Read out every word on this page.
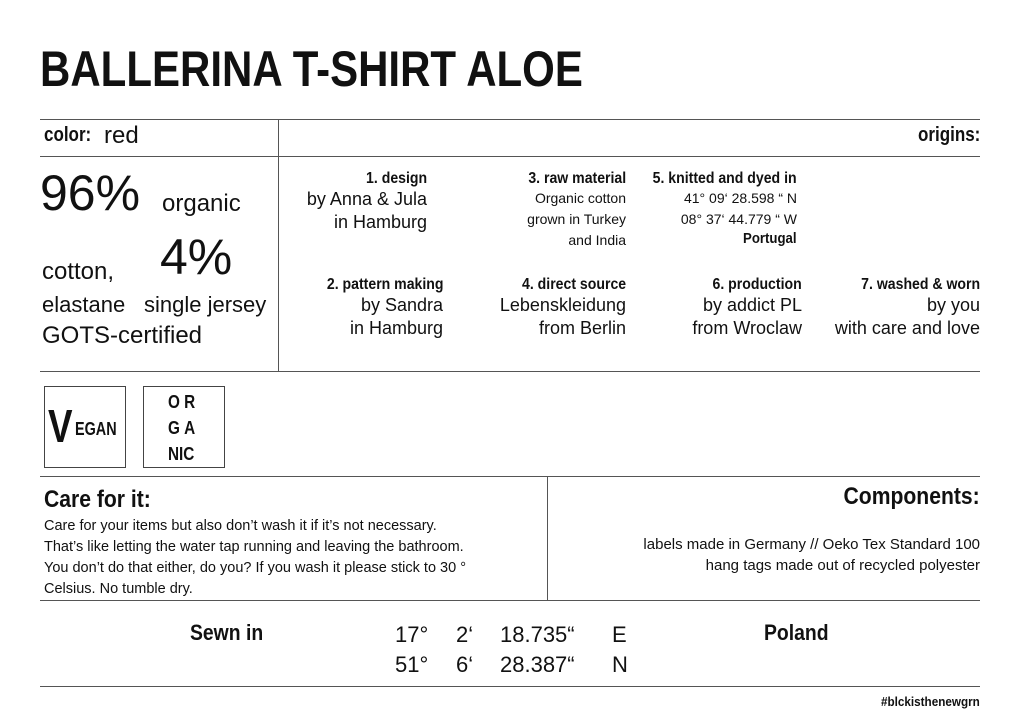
BALLERINA T-SHIRT ALOE
color: red	origins:
96% organic
cotton, 4%
elastane single jersey
GOTS-certified
1. design
by Anna & Jula
in Hamburg
2. pattern making
by Sandra
in Hamburg
3. raw material
Organic cotton
grown in Turkey
and India
4. direct source
Lebenskleidung
from Berlin
5. knitted and dyed in
41° 09‘ 28.598 “ N
08° 37‘ 44.779 “ W
Portugal
6. production
by addict PL
from Wroclaw
7. washed & worn
by you
with care and love
V EGAN
OR
GA
NIC
Care for it:
Care for your items but also don’t wash it if it’s not necessary.
That’s like letting the water tap running and leaving the bathroom.
You don’t do that either, do you? If you wash it please stick to 30 °
Celsius. No tumble dry.
Components:
labels made in Germany // Oeko Tex Standard 100
hang tags made out of recycled polyester
Sewn in	17° 2‘ 18.735“ E
51° 6‘ 28.387“ N
Poland
#blckisthenewgrn
